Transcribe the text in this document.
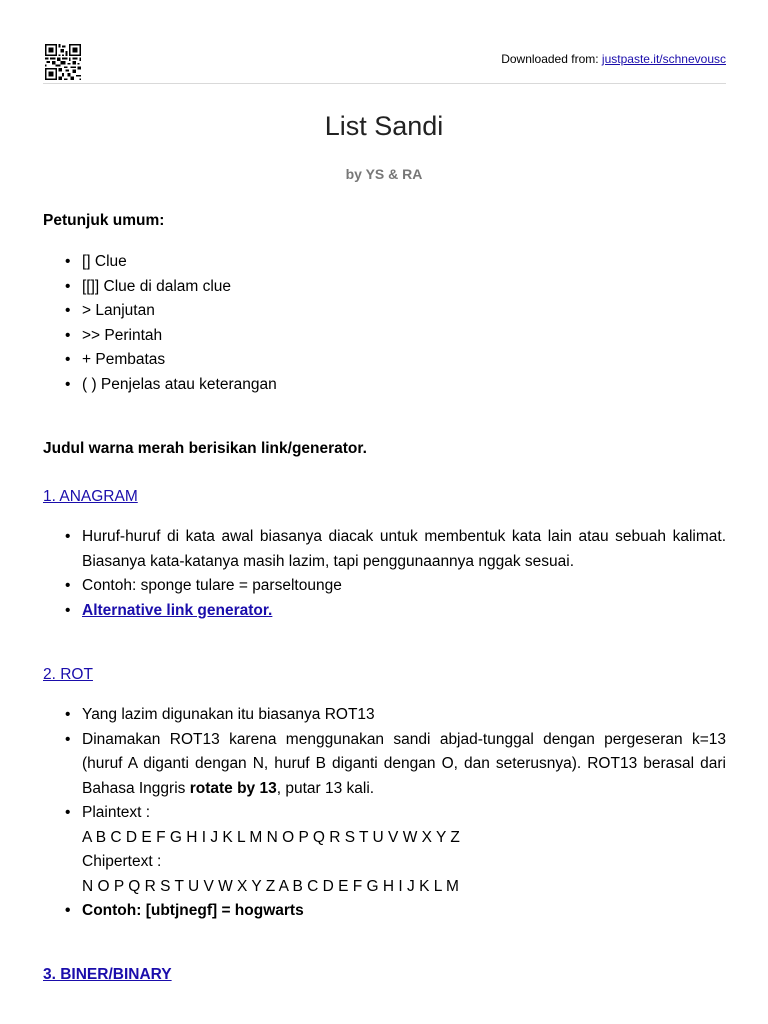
Downloaded from: justpaste.it/schnevousc
List Sandi
by YS & RA
Petunjuk umum:
• [] Clue
• [[]] Clue di dalam clue
• > Lanjutan
• >> Perintah
• + Pembatas
• ( ) Penjelas atau keterangan
Judul warna merah berisikan link/generator.
1. ANAGRAM
• Huruf-huruf di kata awal biasanya diacak untuk membentuk kata lain atau sebuah kalimat. Biasanya kata-katanya masih lazim, tapi penggunaannya nggak sesuai.
• Contoh: sponge tulare = parseltounge
• Alternative link generator.
2. ROT
• Yang lazim digunakan itu biasanya ROT13
• Dinamakan ROT13 karena menggunakan sandi abjad-tunggal dengan pergeseran k=13 (huruf A diganti dengan N, huruf B diganti dengan O, dan seterusnya). ROT13 berasal dari Bahasa Inggris rotate by 13, putar 13 kali.
• Plaintext :
A B C D E F G H I J K L M N O P Q R S T U V W X Y Z
Chipertext :
N O P Q R S T U V W X Y Z A B C D E F G H I J K L M
• Contoh: [ubtjnegf] = hogwarts
3. BINER/BINARY
